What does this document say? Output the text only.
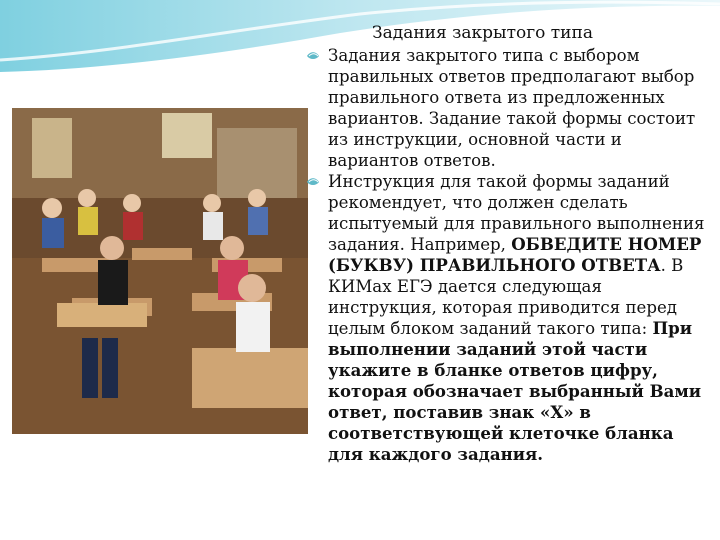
Задания закрытого типа
Задания закрытого типа с выбором правильных ответов предполагают выбор правильного ответа из предложенных вариантов. Задание такой формы состоит из инструкции, основной части и вариантов ответов.
Инструкция для такой формы заданий рекомендует, что должен сделать испытуемый для правильного выполнения задания. Например, ОБВЕДИТЕ НОМЕР (БУКВУ) ПРАВИЛЬНОГО ОТВЕТА. В КИМах ЕГЭ дается следующая инструкция, которая приводится перед целым блоком заданий такого типа: При выполнении заданий этой части укажите в бланке ответов цифру, которая обозначает выбранный Вами ответ, поставив знак «Х» в соответствующей клеточке бланка для каждого задания.
